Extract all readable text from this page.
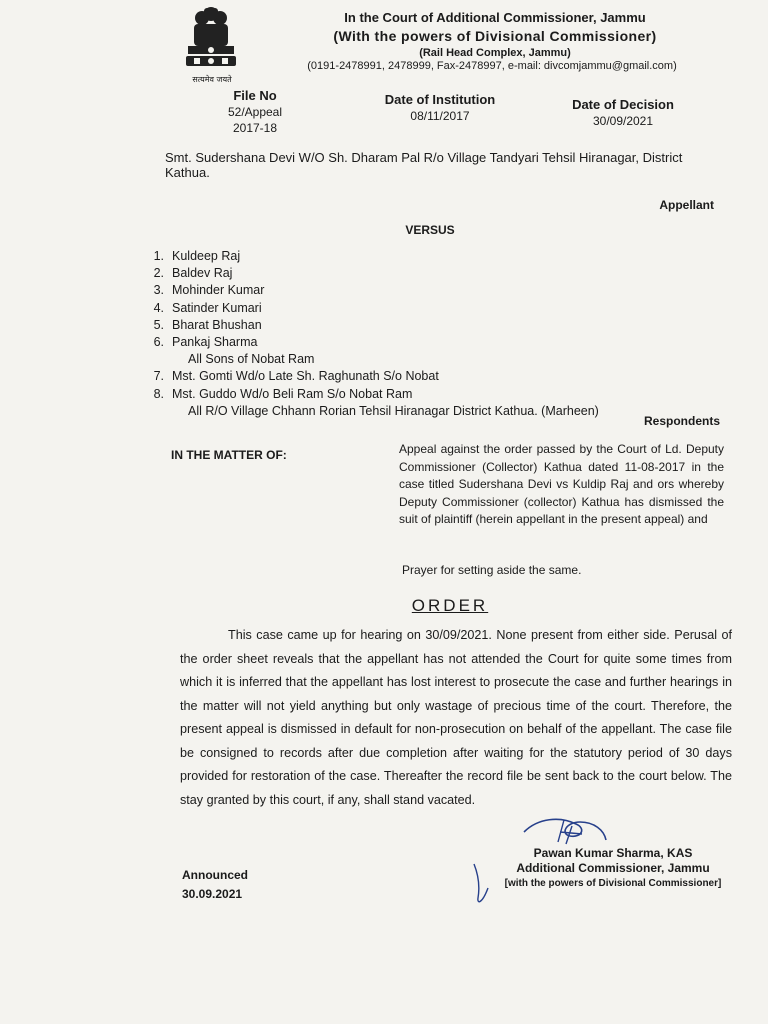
सत्यमेव जयते
In the Court of Additional Commissioner, Jammu
(With the powers of Divisional Commissioner)
(Rail Head Complex, Jammu)
(0191-2478991, 2478999, Fax-2478997, e-mail: divcomjammu@gmail.com)
File No
52/Appeal
2017-18
Date of Institution
08/11/2017
Date of Decision
30/09/2021
Smt. Sudershana Devi W/O Sh. Dharam Pal R/o Village Tandyari Tehsil Hiranagar, District
Kathua.
Appellant
VERSUS
1. Kuldeep Raj
2. Baldev Raj
3. Mohinder Kumar
4. Satinder Kumari
5. Bharat Bhushan
6. Pankaj Sharma
All Sons of Nobat Ram
7. Mst. Gomti Wd/o Late Sh. Raghunath S/o Nobat
8. Mst. Guddo Wd/o Beli Ram S/o Nobat Ram
All R/O Village Chhann Rorian Tehsil Hiranagar District Kathua. (Marheen)
Respondents
IN THE MATTER OF:	Appeal against the order passed by the Court of Ld. Deputy Commissioner (Collector) Kathua dated 11-08-2017 in the case titled Sudershana Devi vs Kuldip Raj and ors whereby Deputy Commissioner (collector) Kathua has dismissed the suit of plaintiff (herein appellant in the present appeal) and
Prayer for setting aside the same.
ORDER
This case came up for hearing on 30/09/2021. None present from either side. Perusal of the order sheet reveals that the appellant has not attended the Court for quite some times from which it is inferred that the appellant has lost interest to prosecute the case and further hearings in the matter will not yield anything but only wastage of precious time of the court. Therefore, the present appeal is dismissed in default for non-prosecution on behalf of the appellant. The case file be consigned to records after due completion after waiting for the statutory period of 30 days provided for restoration of the case. Thereafter the record file be sent back to the court below. The stay granted by this court, if any, shall stand vacated.
Pawan Kumar Sharma, KAS
Additional Commissioner, Jammu
[with the powers of Divisional Commissioner]
Announced
30.09.2021
